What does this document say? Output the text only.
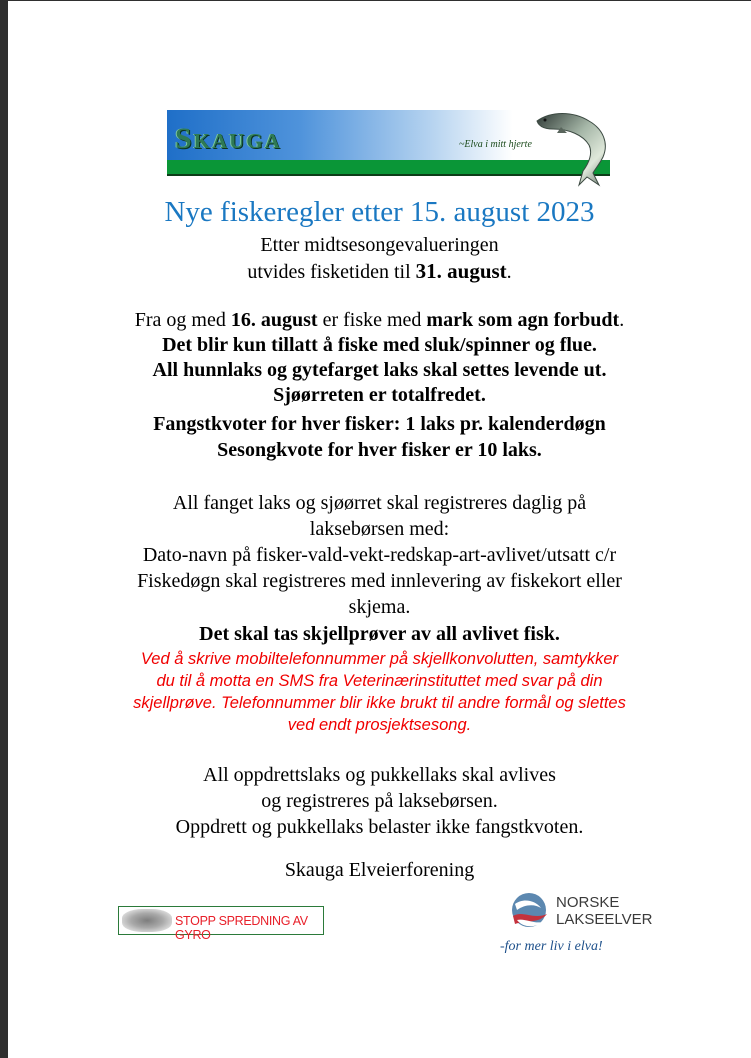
Skauga	~Elva i mitt hjerte
Nye fiskeregler etter 15. august 2023
Etter midtsesongevalueringen
utvides fisketiden til 31. august.
Fra og med 16. august er fiske med mark som agn forbudt.
Det blir kun tillatt å fiske med sluk/spinner og flue.
All hunnlaks og gytefarget laks skal settes levende ut.
Sjøørreten er totalfredet.
Fangstkvoter for hver fisker: 1 laks pr. kalenderdøgn
Sesongkvote for hver fisker er 10 laks.
All fanget laks og sjøørret skal registreres daglig på
laksebørsen med:
Dato-navn på fisker-vald-vekt-redskap-art-avlivet/utsatt c/r
Fiskedøgn skal registreres med innlevering av fiskekort eller
skjema.
Det skal tas skjellprøver av all avlivet fisk.
Ved å skrive mobiltelefonnummer på skjellkonvolutten, samtykker
du til å motta en SMS fra Veterinærinstituttet med svar på din
skjellprøve. Telefonnummer blir ikke brukt til andre formål og slettes
ved endt prosjektsesong.
All oppdrettslaks og pukkellaks skal avlives
og registreres på laksebørsen.
Oppdrett og pukkellaks belaster ikke fangstkvoten.
Skauga Elveierforening
STOPP SPREDNING AV GYRO
NORSKE
LAKSEELVER
-for mer liv i elva!
